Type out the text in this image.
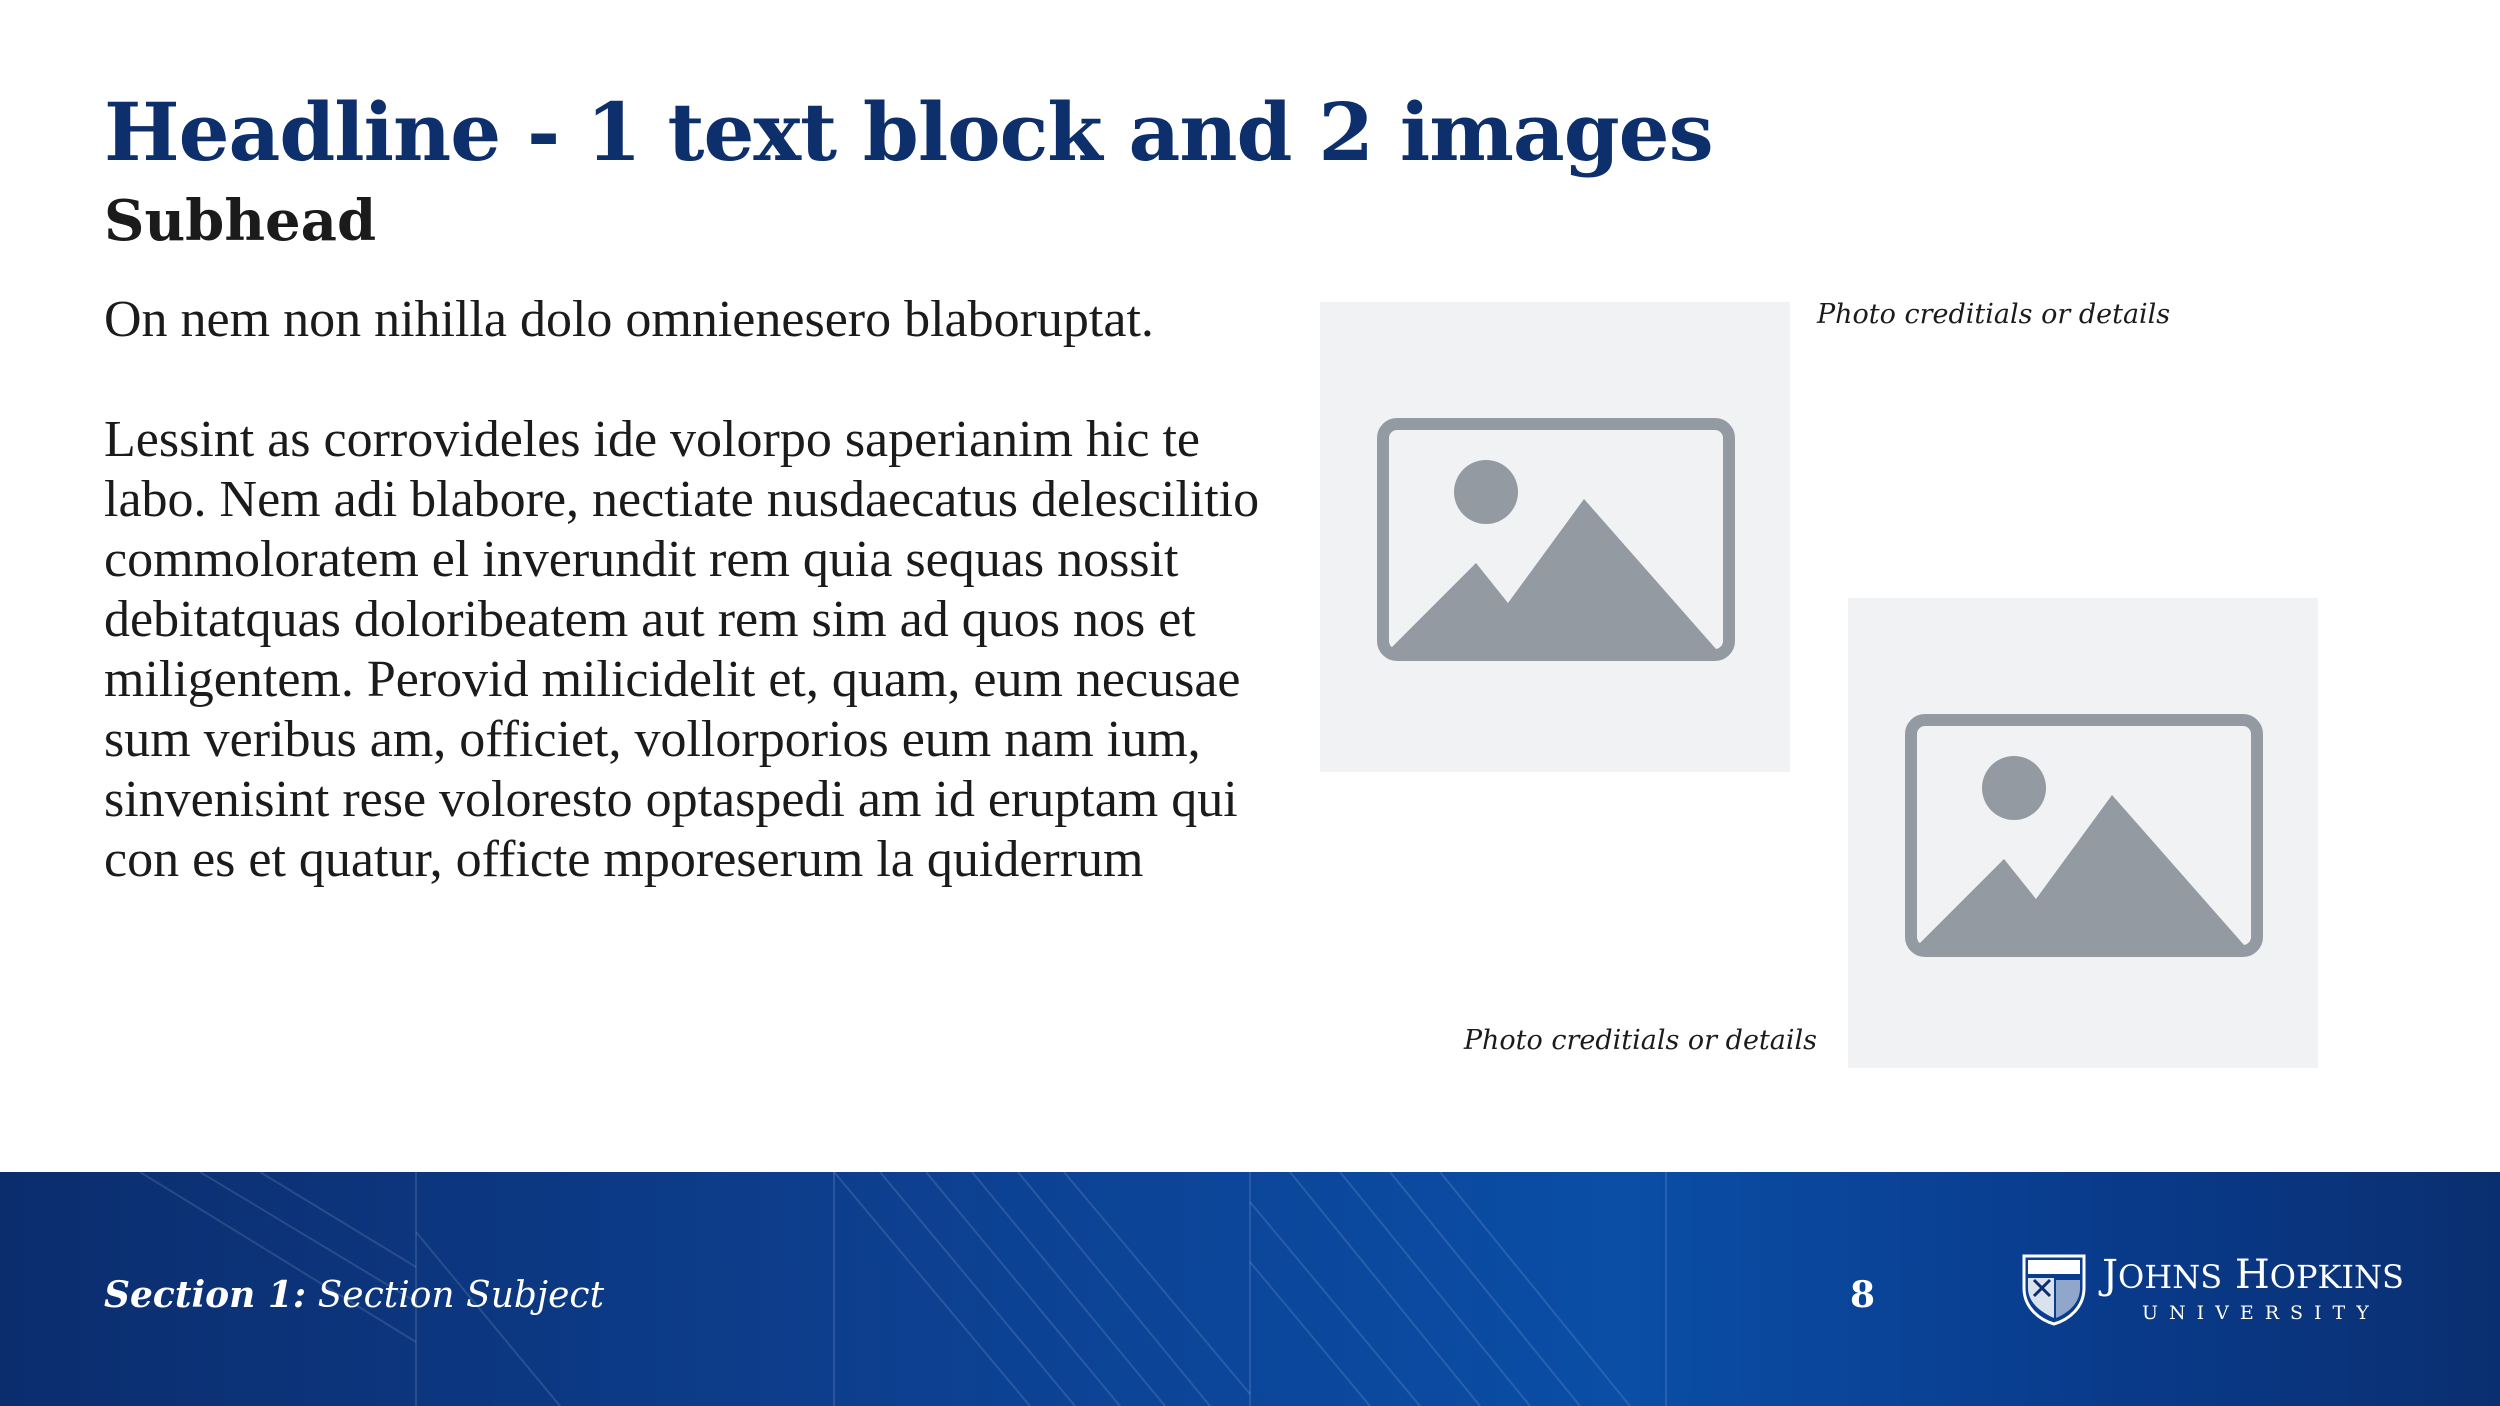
Headline - 1 text block and 2 images
Subhead

On nem non nihilla dolo omnienesero blaboruptat.

Lessint as corrovideles ide volorpo saperianim hic te labo. Nem adi blabore, nectiate nusdaecatus delescilitio commoloratem el inverundit rem quia sequas nossit debitatquas doloribeatem aut rem sim ad quos nos et miligentem. Perovid milicidelit et, quam, eum necusae sum veribus am, officiet, vollorporios eum nam ium, sinvenisint rese voloresto optaspedi am id eruptam qui con es et quatur, officte mporeserum la quiderrum

Photo creditials or details
Photo creditials or details
Section 1: Section Subject	8	JOHNS HOPKINS
UNIVERSITY
